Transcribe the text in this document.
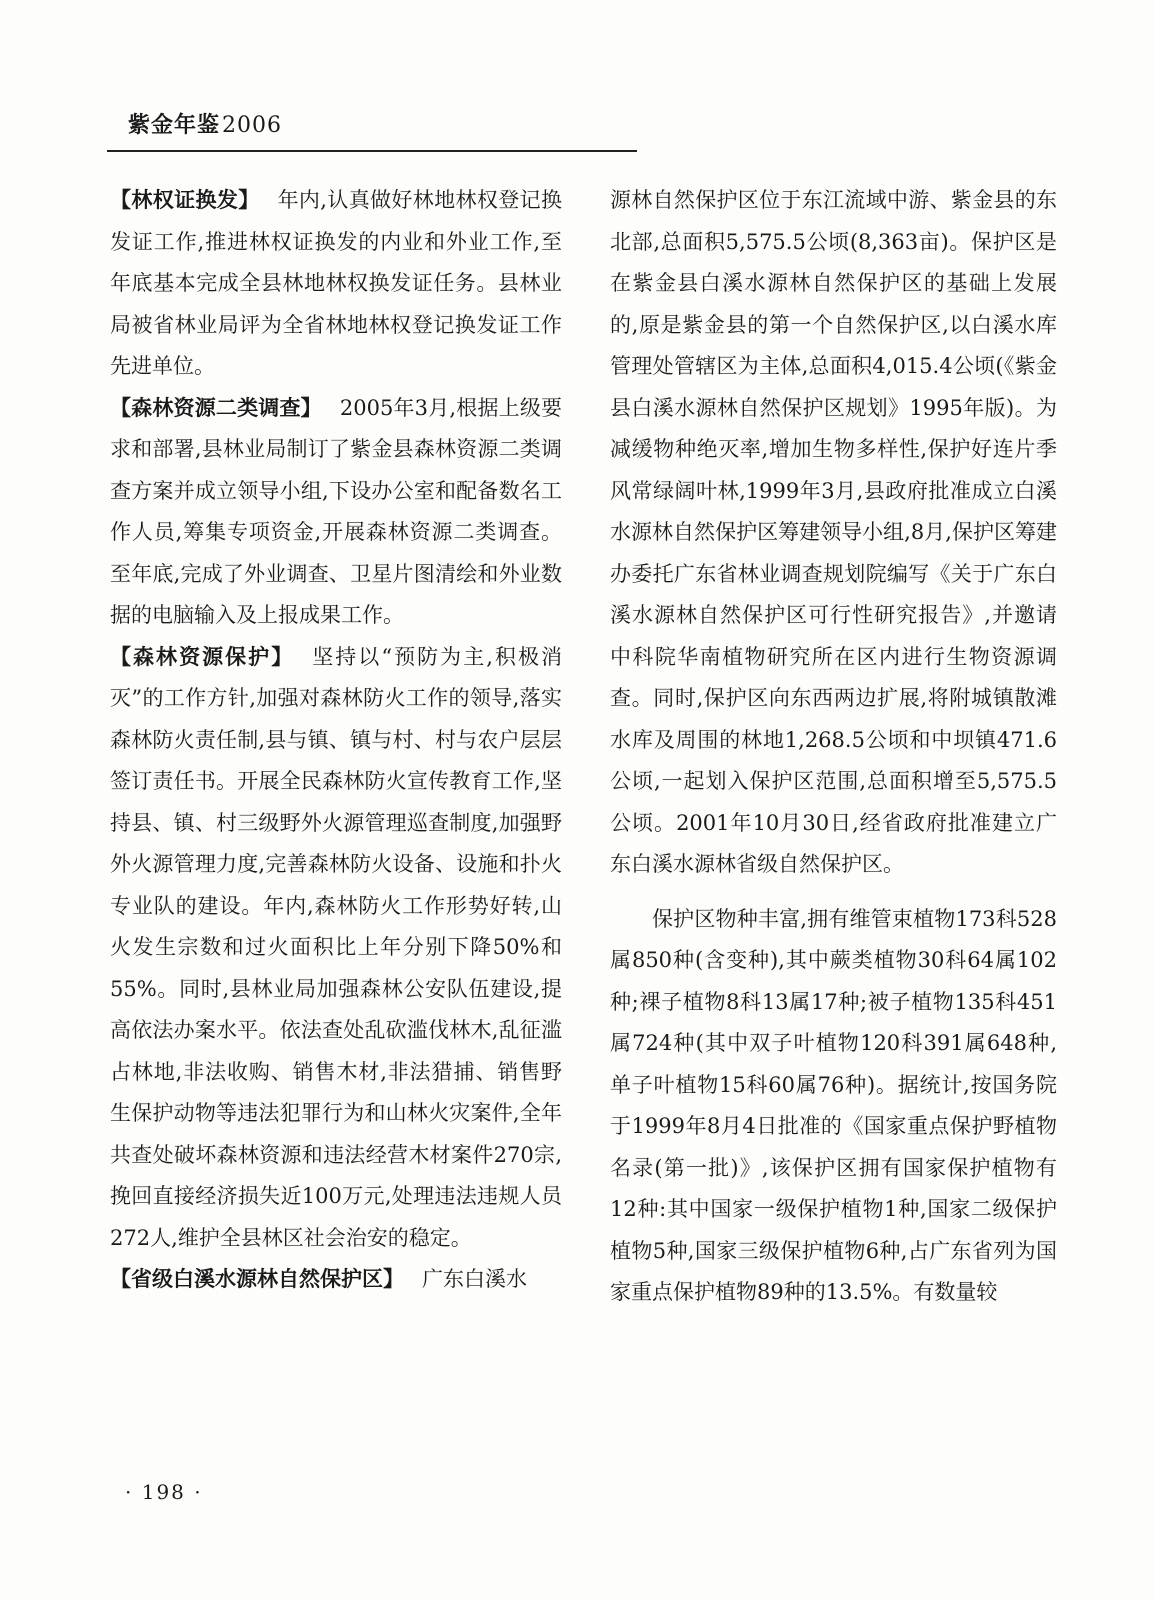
紫金年鉴2006

【林权证换发】 年内,认真做好林地林权登记换发证工作,推进林权证换发的内业和外业工作,至年底基本完成全县林地林权换发证任务。县林业局被省林业局评为全省林地林权登记换发证工作先进单位。

【森林资源二类调查】 2005年3月,根据上级要求和部署,县林业局制订了紫金县森林资源二类调查方案并成立领导小组,下设办公室和配备数名工作人员,筹集专项资金,开展森林资源二类调查。至年底,完成了外业调查、卫星片图清绘和外业数据的电脑输入及上报成果工作。

【森林资源保护】 坚持以“预防为主,积极消灭”的工作方针,加强对森林防火工作的领导,落实森林防火责任制,县与镇、镇与村、村与农户层层签订责任书。开展全民森林防火宣传教育工作,坚持县、镇、村三级野外火源管理巡查制度,加强野外火源管理力度,完善森林防火设备、设施和扑火专业队的建设。年内,森林防火工作形势好转,山火发生宗数和过火面积比上年分别下降50%和55%。同时,县林业局加强森林公安队伍建设,提高依法办案水平。依法查处乱砍滥伐林木,乱征滥占林地,非法收购、销售木材,非法猎捕、销售野生保护动物等违法犯罪行为和山林火灾案件,全年共查处破坏森林资源和违法经营木材案件270宗,挽回直接经济损失近100万元,处理违法违规人员272人,维护全县林区社会治安的稳定。

【省级白溪水源林自然保护区】 广东白溪水

源林自然保护区位于东江流域中游、紫金县的东北部,总面积5,575.5公顷(8,363亩)。保护区是在紫金县白溪水源林自然保护区的基础上发展的,原是紫金县的第一个自然保护区,以白溪水库管理处管辖区为主体,总面积4,015.4公顷(《紫金县白溪水源林自然保护区规划》1995年版)。为减缓物种绝灭率,增加生物多样性,保护好连片季风常绿阔叶林,1999年3月,县政府批准成立白溪水源林自然保护区筹建领导小组,8月,保护区筹建办委托广东省林业调查规划院编写《关于广东白溪水源林自然保护区可行性研究报告》,并邀请中科院华南植物研究所在区内进行生物资源调查。同时,保护区向东西两边扩展,将附城镇散滩水库及周围的林地1,268.5公顷和中坝镇471.6公顷,一起划入保护区范围,总面积增至5,575.5公顷。2001年10月30日,经省政府批准建立广东白溪水源林省级自然保护区。

保护区物种丰富,拥有维管束植物173科528属850种(含变种),其中蕨类植物30科64属102种;裸子植物8科13属17种;被子植物135科451属724种(其中双子叶植物120科391属648种,单子叶植物15科60属76种)。据统计,按国务院于1999年8月4日批准的《国家重点保护野植物名录(第一批)》,该保护区拥有国家保护植物有12种:其中国家一级保护植物1种,国家二级保护植物5种,国家三级保护植物6种,占广东省列为国家重点保护植物89种的13.5%。有数量较

· 198 ·
